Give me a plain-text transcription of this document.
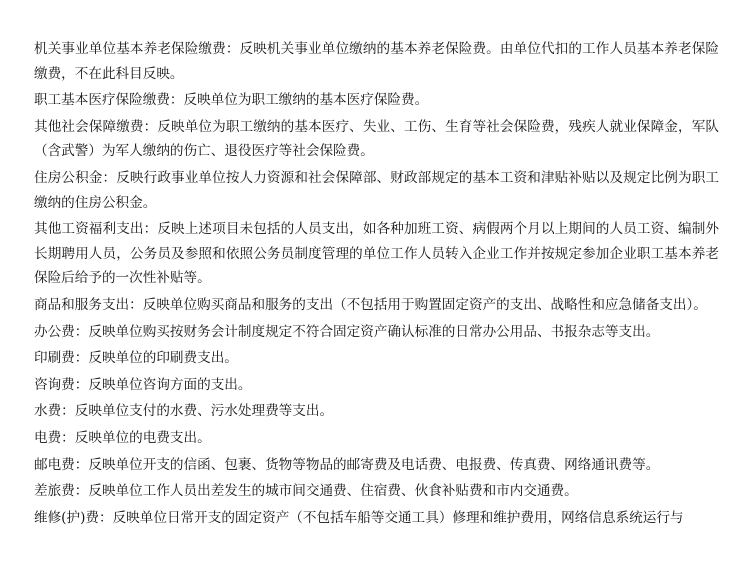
机关事业单位基本养老保险缴费：反映机关事业单位缴纳的基本养老保险费。由单位代扣的工作人员基本养老保险缴费，不在此科目反映。

职工基本医疗保险缴费：反映单位为职工缴纳的基本医疗保险费。

其他社会保障缴费：反映单位为职工缴纳的基本医疗、失业、工伤、生育等社会保险费，残疾人就业保障金，军队（含武警）为军人缴纳的伤亡、退役医疗等社会保险费。

住房公积金：反映行政事业单位按人力资源和社会保障部、财政部规定的基本工资和津贴补贴以及规定比例为职工缴纳的住房公积金。

其他工资福利支出：反映上述项目未包括的人员支出，如各种加班工资、病假两个月以上期间的人员工资、编制外长期聘用人员，公务员及参照和依照公务员制度管理的单位工作人员转入企业工作并按规定参加企业职工基本养老保险后给予的一次性补贴等。

商品和服务支出：反映单位购买商品和服务的支出（不包括用于购置固定资产的支出、战略性和应急储备支出）。

办公费：反映单位购买按财务会计制度规定不符合固定资产确认标准的日常办公用品、书报杂志等支出。

印刷费：反映单位的印刷费支出。

咨询费：反映单位咨询方面的支出。

水费：反映单位支付的水费、污水处理费等支出。

电费：反映单位的电费支出。

邮电费：反映单位开支的信函、包裹、货物等物品的邮寄费及电话费、电报费、传真费、网络通讯费等。

差旅费：反映单位工作人员出差发生的城市间交通费、住宿费、伙食补贴费和市内交通费。

维修(护)费：反映单位日常开支的固定资产（不包括车船等交通工具）修理和维护费用，网络信息系统运行与
